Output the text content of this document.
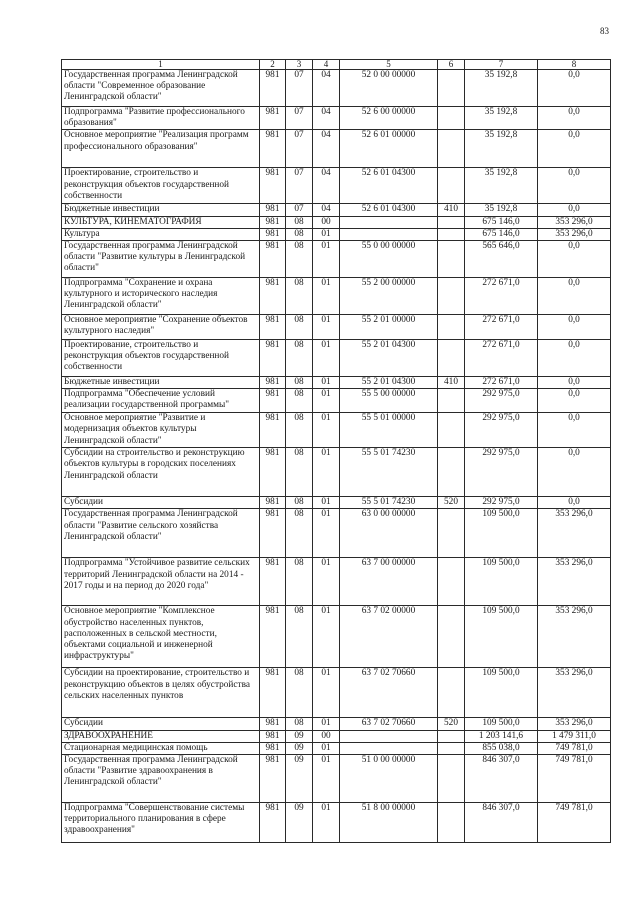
83
1	2	3	4	5	6	7	8
Государственная программа Ленинградской области "Современное образование Ленинградской области"	981	07	04	52 0 00 00000		35 192,8	0,0
Подпрограмма "Развитие профессионального образования"	981	07	04	52 6 00 00000		35 192,8	0,0
Основное мероприятие "Реализация программ профессионального образования"	981	07	04	52 6 01 00000		35 192,8	0,0
Проектирование, строительство и реконструкция объектов государственной собственности	981	07	04	52 6 01 04300		35 192,8	0,0
Бюджетные инвестиции	981	07	04	52 6 01 04300	410	35 192,8	0,0
КУЛЬТУРА, КИНЕМАТОГРАФИЯ	981	08	00			675 146,0	353 296,0
Культура	981	08	01			675 146,0	353 296,0
Государственная программа Ленинградской области "Развитие культуры в Ленинградской области"	981	08	01	55 0 00 00000		565 646,0	0,0
Подпрограмма "Сохранение и охрана культурного и исторического наследия Ленинградской области"	981	08	01	55 2 00 00000		272 671,0	0,0
Основное мероприятие "Сохранение объектов культурного наследия"	981	08	01	55 2 01 00000		272 671,0	0,0
Проектирование, строительство и реконструкция объектов государственной собственности	981	08	01	55 2 01 04300		272 671,0	0,0
Бюджетные инвестиции	981	08	01	55 2 01 04300	410	272 671,0	0,0
Подпрограмма "Обеспечение условий реализации государственной программы"	981	08	01	55 5 00 00000		292 975,0	0,0
Основное мероприятие "Развитие и модернизация объектов культуры Ленинградской области"	981	08	01	55 5 01 00000		292 975,0	0,0
Субсидии на строительство и реконструкцию объектов культуры в городских поселениях Ленинградской области	981	08	01	55 5 01 74230		292 975,0	0,0
Субсидии	981	08	01	55 5 01 74230	520	292 975,0	0,0
Государственная программа Ленинградской области "Развитие сельского хозяйства Ленинградской области"	981	08	01	63 0 00 00000		109 500,0	353 296,0
Подпрограмма "Устойчивое развитие сельских территорий Ленинградской области на 2014 - 2017 годы и на период до 2020 года"	981	08	01	63 7 00 00000		109 500,0	353 296,0
Основное мероприятие "Комплексное обустройство населенных пунктов, расположенных в сельской местности, объектами социальной и инженерной инфраструктуры"	981	08	01	63 7 02 00000		109 500,0	353 296,0
Субсидии на проектирование, строительство и реконструкцию объектов в целях обустройства сельских населенных пунктов	981	08	01	63 7 02 70660		109 500,0	353 296,0
Субсидии	981	08	01	63 7 02 70660	520	109 500,0	353 296,0
ЗДРАВООХРАНЕНИЕ	981	09	00			1 203 141,6	1 479 311,0
Стационарная медицинская помощь	981	09	01			855 038,0	749 781,0
Государственная программа Ленинградской области "Развитие здравоохранения в Ленинградской области"	981	09	01	51 0 00 00000		846 307,0	749 781,0
Подпрограмма "Совершенствование системы территориального планирования в сфере здравоохранения"	981	09	01	51 8 00 00000		846 307,0	749 781,0
